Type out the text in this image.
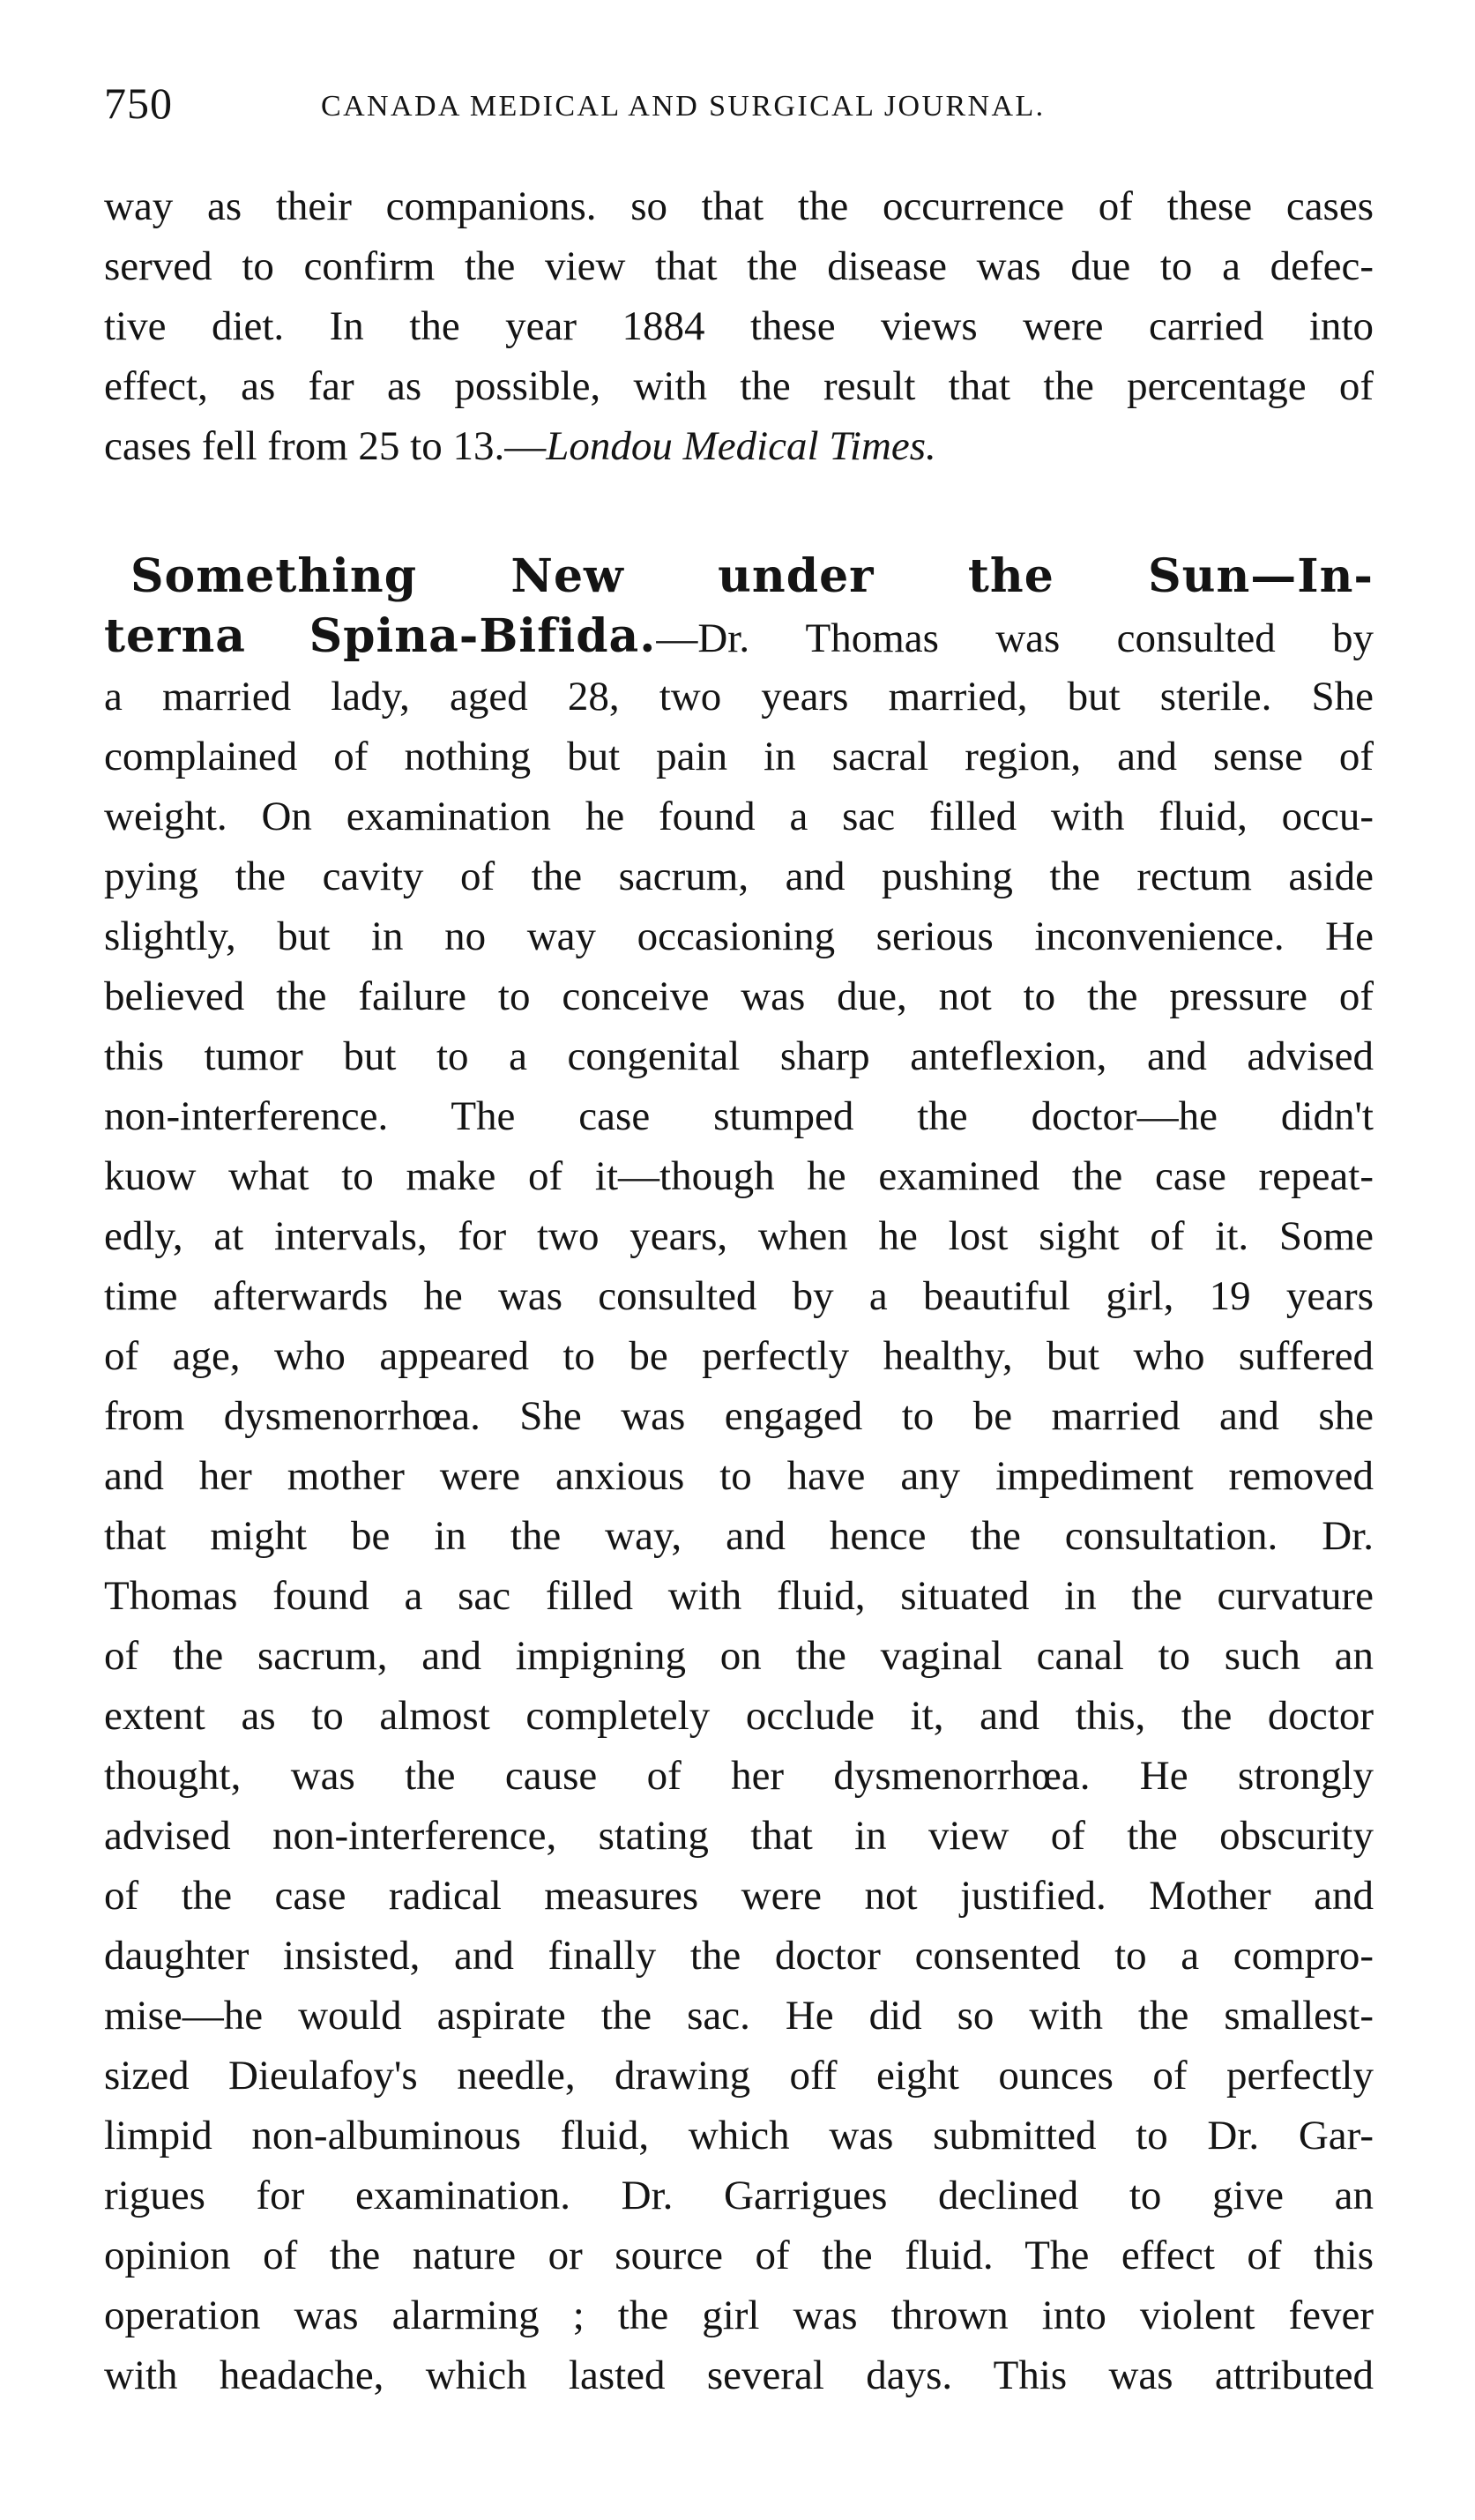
750	CANADA MEDICAL AND SURGICAL JOURNAL.
way as their companions. so that the occurrence of these cases
served to confirm the view that the disease was due to a defec-
tive diet. In the year 1884 these views were carried into
effect, as far as possible, with the result that the percentage of
cases fell from 25 to 13.—Londou Medical Times.
Something New under the Sun—In-
terna Spina-Bifida.—Dr. Thomas was consulted by
a married lady, aged 28, two years married, but sterile. She
complained of nothing but pain in sacral region, and sense of
weight. On examination he found a sac filled with fluid, occu-
pying the cavity of the sacrum, and pushing the rectum aside
slightly, but in no way occasioning serious inconvenience. He
believed the failure to conceive was due, not to the pressure of
this tumor but to a congenital sharp anteflexion, and advised
non-interference. The case stumped the doctor—he didn't
kuow what to make of it—though he examined the case repeat-
edly, at intervals, for two years, when he lost sight of it. Some
time afterwards he was consulted by a beautiful girl, 19 years
of age, who appeared to be perfectly healthy, but who suffered
from dysmenorrhœa. She was engaged to be married and she
and her mother were anxious to have any impediment removed
that might be in the way, and hence the consultation. Dr.
Thomas found a sac filled with fluid, situated in the curvature
of the sacrum, and impigning on the vaginal canal to such an
extent as to almost completely occlude it, and this, the doctor
thought, was the cause of her dysmenorrhœa. He strongly
advised non-interference, stating that in view of the obscurity
of the case radical measures were not justified. Mother and
daughter insisted, and finally the doctor consented to a compro-
mise—he would aspirate the sac. He did so with the smallest-
sized Dieulafoy's needle, drawing off eight ounces of perfectly
limpid non-albuminous fluid, which was submitted to Dr. Gar-
rigues for examination. Dr. Garrigues declined to give an
opinion of the nature or source of the fluid. The effect of this
operation was alarming ; the girl was thrown into violent fever
with headache, which lasted several days. This was attributed
